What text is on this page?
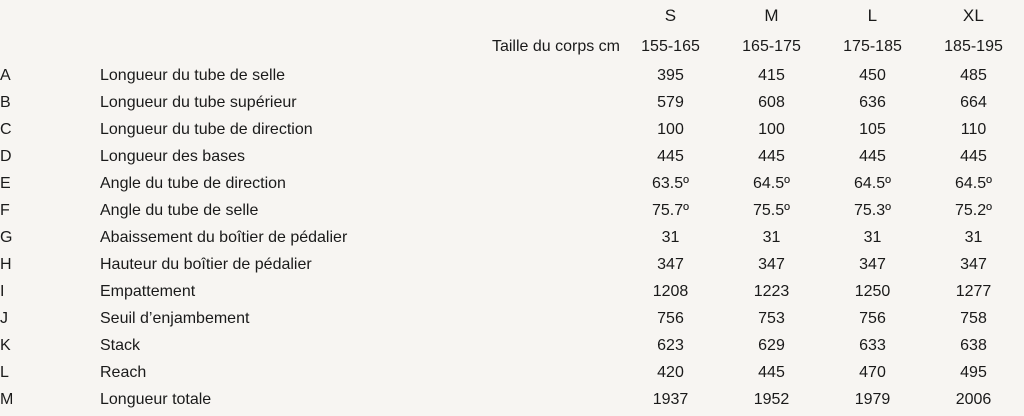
			S	M	L	XL
		Taille du corps cm	155-165	165-175	175-185	185-195
A	Longueur du tube de selle		395	415	450	485
B	Longueur du tube supérieur		579	608	636	664
C	Longueur du tube de direction		100	100	105	110
D	Longueur des bases		445	445	445	445
E	Angle du tube de direction		63.5º	64.5º	64.5º	64.5º
F	Angle du tube de selle		75.7º	75.5º	75.3º	75.2º
G	Abaissement du boîtier de pédalier		31	31	31	31
H	Hauteur du boîtier de pédalier		347	347	347	347
I	Empattement		1208	1223	1250	1277
J	Seuil d’enjambement		756	753	756	758
K	Stack		623	629	633	638
L	Reach		420	445	470	495
M	Longueur totale		1937	1952	1979	2006
